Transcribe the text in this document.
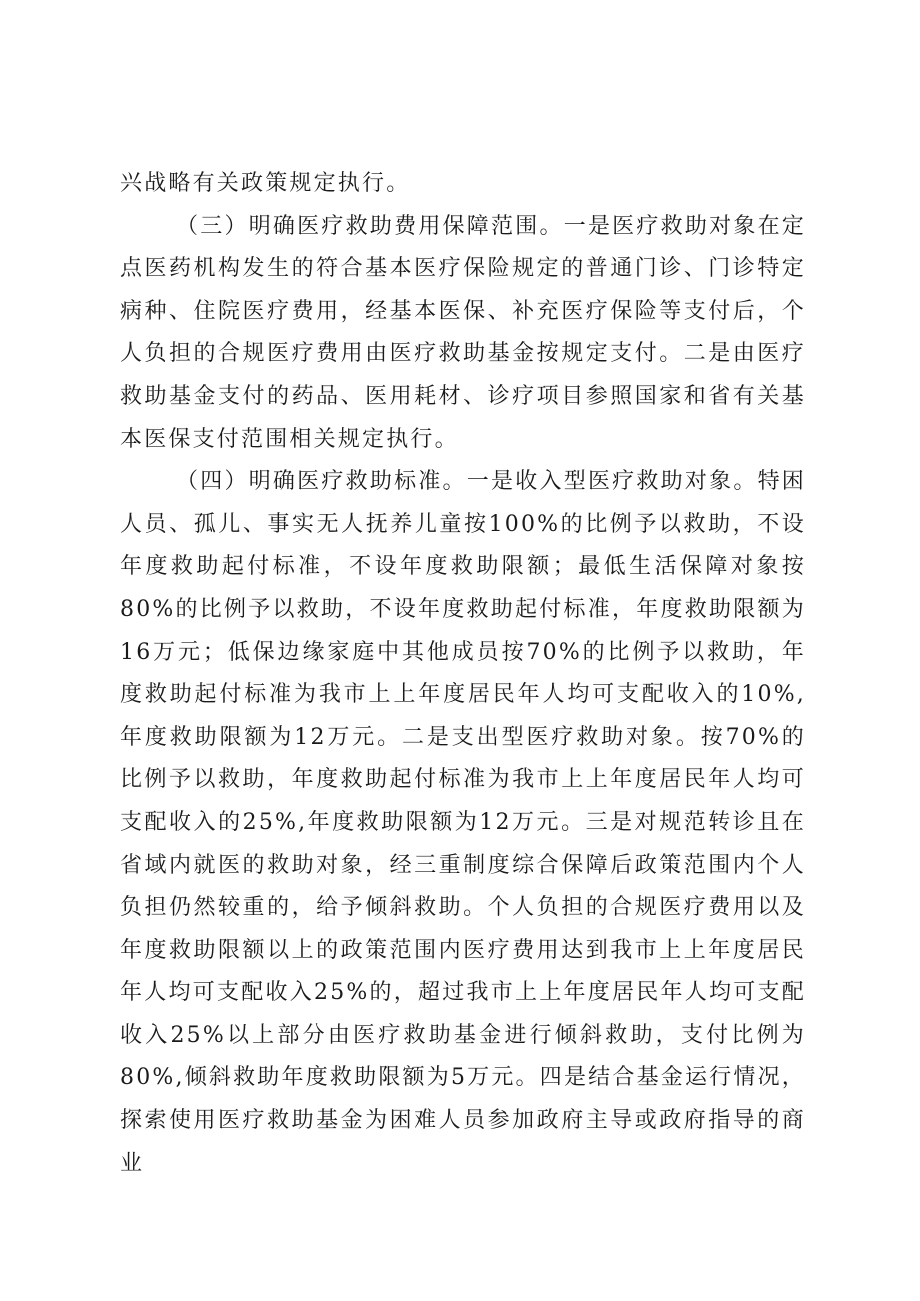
兴战略有关政策规定执行。

（三）明确医疗救助费用保障范围。一是医疗救助对象在定点医药机构发生的符合基本医疗保险规定的普通门诊、门诊特定病种、住院医疗费用，经基本医保、补充医疗保险等支付后，个人负担的合规医疗费用由医疗救助基金按规定支付。二是由医疗救助基金支付的药品、医用耗材、诊疗项目参照国家和省有关基本医保支付范围相关规定执行。

（四）明确医疗救助标准。一是收入型医疗救助对象。特困人员、孤儿、事实无人抚养儿童按100%的比例予以救助，不设年度救助起付标准，不设年度救助限额；最低生活保障对象按80%的比例予以救助，不设年度救助起付标准，年度救助限额为16万元；低保边缘家庭中其他成员按70%的比例予以救助，年度救助起付标准为我市上上年度居民年人均可支配收入的10%,年度救助限额为12万元。二是支出型医疗救助对象。按70%的比例予以救助，年度救助起付标准为我市上上年度居民年人均可支配收入的25%,年度救助限额为12万元。三是对规范转诊且在省域内就医的救助对象，经三重制度综合保障后政策范围内个人负担仍然较重的，给予倾斜救助。个人负担的合规医疗费用以及年度救助限额以上的政策范围内医疗费用达到我市上上年度居民年人均可支配收入25%的，超过我市上上年度居民年人均可支配收入25%以上部分由医疗救助基金进行倾斜救助，支付比例为80%,倾斜救助年度救助限额为5万元。四是结合基金运行情况，探索使用医疗救助基金为困难人员参加政府主导或政府指导的商业
